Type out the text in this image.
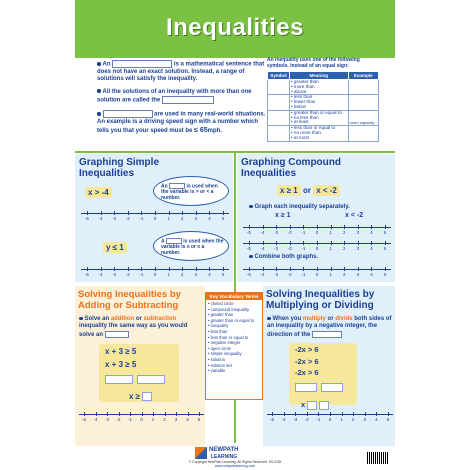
Inequalities
An	is a mathematical sentence that does not have an exact solution. Instead, a range of solutions will satisfy the inequality.
All the solutions of an inequality with more than one solution are called the
are used in many real-world situations. An example is a driving speed sign with a number which tells you that your speed must be ≤ 65mph.
An inequality uses one of the following symbols, instead of an equal sign:
Symbol	Meaning	Example
	• greater than
• more than
• above	
	• less than
• fewer than
• below	
	• greater than or equal to
• no less than
• at least	room capacity
	• less than or equal to
• no more than
• at most	
Graphing Simple Inequalities
x > -4
An	is used when the variable is > or < a number.
-5 -4 -3 -2 -1 0 1 2 3 4 5
y ≤ 1
A	is used when the variable is ≥ or ≤ a number.
-5 -4 -3 -2 -1 0 1 2 3 4 5
Graphing Compound Inequalities
x ≥ 1 or x < -2
Graph each inequality separately.
x ≥ 1	x < -2
-5 -4 -3 -2 -1 0 1 2 3 4 5
-5 -4 -3 -2 -1 0 1 2 3 4 5
Combine both graphs.
-5 -4 -3 -2 -1 0 1 2 3 4 5
Solving Inequalities by Adding or Subtracting
Solve an addition or subtraction inequality the same way as you would solve an
x + 3 ≥ 5
x + 3 ≥ 5

x ≥
-5 -4 -3 -2 -1 0 1 2 3 4 5
Key Vocabulary Terms
• closed circle
• compound inequality
• greater than
• greater than or equal to
• inequality
• less than
• less than or equal to
• negative integer
• open circle
• simple inequality
• solution
• solution set
• variable
Solving Inequalities by Multiplying or Dividing
When you multiply or divide both sides of an inequality by a negative integer, the direction of the
-2x > 6
-2x > 6
-2x > 6

x
-5 -4 -3 -2 -1 0 1 2 3 4 5
NEWPATH
LEARNING
© Copyright NewPath Learning. All Rights Reserved. 93-4735
www.newpathlearning.com
